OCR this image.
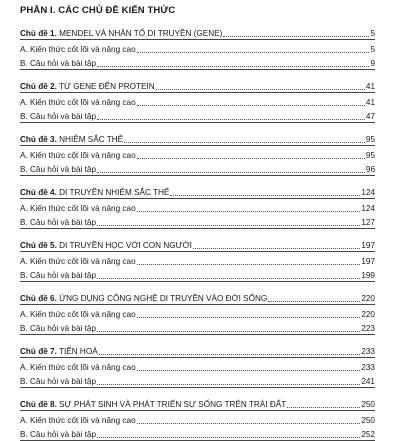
PHẦN I. CÁC CHỦ ĐỀ KIẾN THỨC
Chủ đề 1. MENDEL VÀ NHÂN TỐ DI TRUYỀN (GENE)	5
A. Kiến thức cốt lõi và nâng cao	5
B. Câu hỏi và bài tập	9
Chủ đề 2. TỪ GENE ĐẾN PROTEIN	41
A. Kiến thức cốt lõi và nâng cao	41
B. Câu hỏi và bài tập	47
Chủ đề 3. NHIỄM SẮC THỂ	95
A. Kiến thức cốt lõi và nâng cao	95
B. Câu hỏi và bài tập	96
Chủ đề 4. DI TRUYỀN NHIỄM SẮC THỂ	124
A. Kiến thức cốt lõi và nâng cao	124
B. Câu hỏi và bài tập	127
Chủ đề 5. DI TRUYỀN HỌC VỚI CON NGƯỜI	197
A. Kiến thức cốt lõi và nâng cao	197
B. Câu hỏi và bài tập	199
Chủ đề 6. ỨNG DỤNG CÔNG NGHỆ DI TRUYỀN VÀO ĐỜI SỐNG	220
A. Kiến thức cốt lõi và nâng cao	220
B. Câu hỏi và bài tập	223
Chủ đề 7. TIẾN HOÁ	233
A. Kiến thức cốt lõi và nâng cao	233
B. Câu hỏi và bài tập	241
Chủ đề 8. SỰ PHÁT SINH VÀ PHÁT TRIỂN SỰ SỐNG TRÊN TRÁI ĐẤT	250
A. Kiến thức cốt lõi và nâng cao	250
B. Câu hỏi và bài tập	252
